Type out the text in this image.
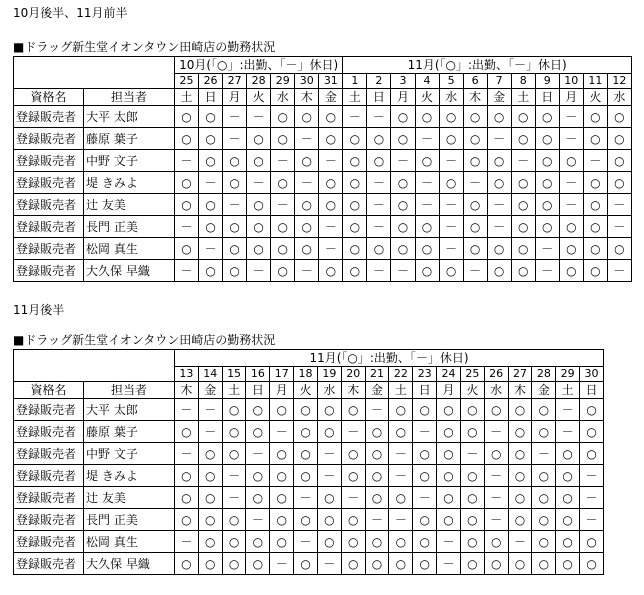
10月後半、11月前半
■ドラッグ新生堂イオンタウン田崎店の勤務状況
		10月(「○」:出勤、「－」休日)							11月(「○」:出勤、「－」休日)											
		25	26	27	28	29	30	31	1	2	3	4	5	6	7	8	9	10	11	12
資格名	担当者	土	日	月	火	水	木	金	土	日	月	火	水	木	金	土	日	月	火	水
登録販売者	大平 太郎	○	○	－	－	○	○	○	－	－	○	○	○	○	○	○	○	－	○	○
登録販売者	藤原 葉子	○	○	－	○	○	－	○	○	○	○	－	○	○	－	○	○	－	○	○
登録販売者	中野 文子	－	○	○	○	－	○	－	○	○	－	○	－	○	○	－	○	○	－	○
登録販売者	堤 きみよ	○	－	○	－	○	－	○	○	－	○	－	○	－	○	○	○	－	○	○
登録販売者	辻 友美	○	○	－	○	－	○	○	○	－	○	－	－	○	－	○	○	－	○	－
登録販売者	長門 正美	－	○	○	○	○	○	－	○	－	○	○	－	○	－	○	○	○	○	－
登録販売者	松岡 真生	○	－	○	○	○	○	－	○	○	○	○	－	○	○	○	－	○	○	○
登録販売者	大久保 早織	－	○	○	－	○	－	○	○	－	－	○	○	－	○	○	－	○	○	－
11月後半
■ドラッグ新生堂イオンタウン田崎店の勤務状況
		11月(「○」:出勤、「－」休日)																	
		13	14	15	16	17	18	19	20	21	22	23	24	25	26	27	28	29	30
資格名	担当者	木	金	土	日	月	火	水	木	金	土	日	月	火	水	木	金	土	日
登録販売者	大平 太郎	－	－	○	○	○	○	○	○	－	○	○	○	○	○	○	○	－	○
登録販売者	藤原 葉子	○	－	○	○	－	○	○	－	○	○	－	○	○	－	○	○	－	○
登録販売者	中野 文子	－	○	○	－	○	○	－	○	○	－	○	○	－	○	○	－	○	○
登録販売者	堤 きみよ	○	○	－	○	○	○	－	○	○	－	○	○	○	－	○	○	○	－
登録販売者	辻 友美	○	○	－	○	○	－	○	－	○	○	－	○	○	－	○	○	○	－
登録販売者	長門 正美	○	○	○	－	○	○	○	○	－	－	○	○	○	－	○	○	○	－
登録販売者	松岡 真生	－	○	○	○	○	－	○	○	○	○	○	－	○	○	－	○	○	○
登録販売者	大久保 早織	○	○	○	○	－	○	－	○	○	○	○	－	○	○	○	○	○	○
